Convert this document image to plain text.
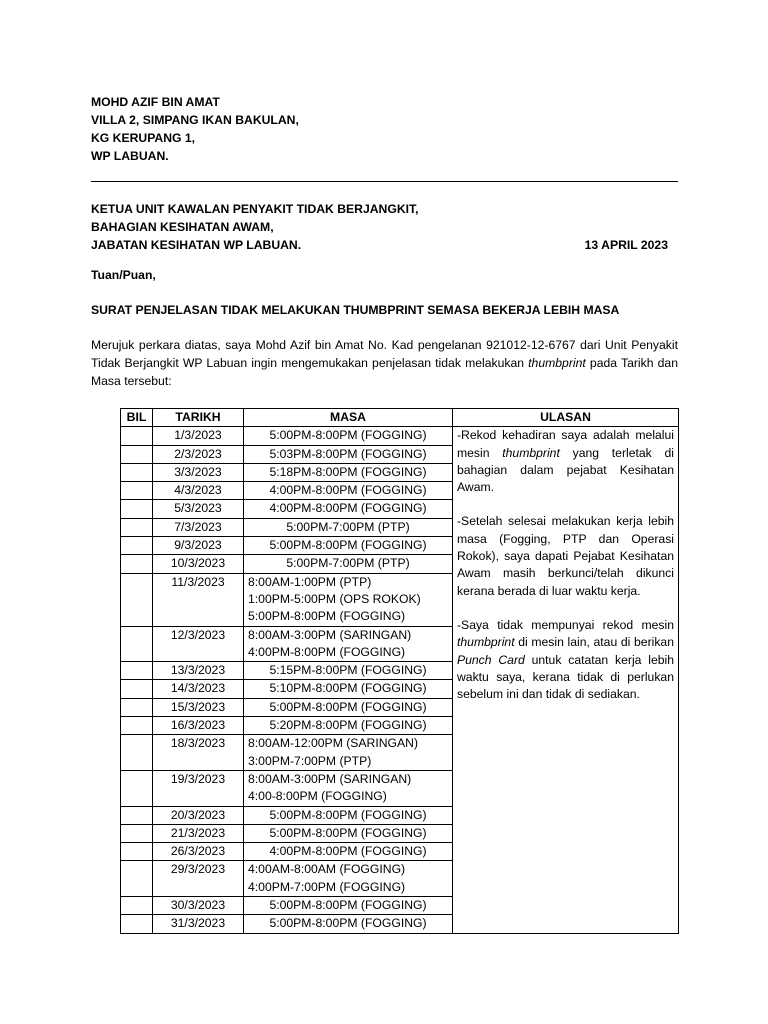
MOHD AZIF BIN AMAT
VILLA 2, SIMPANG IKAN BAKULAN,
KG KERUPANG 1,
WP LABUAN.
KETUA UNIT KAWALAN PENYAKIT TIDAK BERJANGKIT,
BAHAGIAN KESIHATAN AWAM,
JABATAN KESIHATAN WP LABUAN.	13 APRIL 2023
Tuan/Puan,
SURAT PENJELASAN TIDAK MELAKUKAN THUMBPRINT SEMASA BEKERJA LEBIH MASA
Merujuk perkara diatas, saya Mohd Azif bin Amat No. Kad pengelanan 921012-12-6767 dari Unit Penyakit Tidak Berjangkit WP Labuan ingin mengemukakan penjelasan tidak melakukan thumbprint pada Tarikh dan Masa tersebut:
BIL	TARIKH	MASA	ULASAN
	1/3/2023	5:00PM-8:00PM (FOGGING)	-Rekod kehadiran saya adalah melalui mesin thumbprint yang terletak di bahagian dalam pejabat Kesihatan Awam.

-Setelah selesai melakukan kerja lebih masa (Fogging, PTP dan Operasi Rokok), saya dapati Pejabat Kesihatan Awam masih berkunci/telah dikunci kerana berada di luar waktu kerja.

-Saya tidak mempunyai rekod mesin thumbprint di mesin lain, atau di berikan Punch Card untuk catatan kerja lebih waktu saya, kerana tidak di perlukan sebelum ini dan tidak di sediakan.

	2/3/2023	5:03PM-8:00PM (FOGGING)	

	3/3/2023	5:18PM-8:00PM (FOGGING)	

	4/3/2023	4:00PM-8:00PM (FOGGING)	

	5/3/2023	4:00PM-8:00PM (FOGGING)	

	7/3/2023	5:00PM-7:00PM (PTP)	

	9/3/2023	5:00PM-8:00PM (FOGGING)	

	10/3/2023	5:00PM-7:00PM (PTP)	

	11/3/2023	8:00AM-1:00PM (PTP)
1:00PM-5:00PM (OPS ROKOK)
5:00PM-8:00PM (FOGGING)	

	12/3/2023	8:00AM-3:00PM (SARINGAN)
4:00PM-8:00PM (FOGGING)	

	13/3/2023	5:15PM-8:00PM (FOGGING)	

	14/3/2023	5:10PM-8:00PM (FOGGING)	

	15/3/2023	5:00PM-8:00PM (FOGGING)	

	16/3/2023	5:20PM-8:00PM (FOGGING)	

	18/3/2023	8:00AM-12:00PM (SARINGAN)
3:00PM-7:00PM (PTP)	

	19/3/2023	8:00AM-3:00PM (SARINGAN)
4:00-8:00PM (FOGGING)	

	20/3/2023	5:00PM-8:00PM (FOGGING)	

	21/3/2023	5:00PM-8:00PM (FOGGING)	

	26/3/2023	4:00PM-8:00PM (FOGGING)	

	29/3/2023	4:00AM-8:00AM (FOGGING)
4:00PM-7:00PM (FOGGING)	

	30/3/2023	5:00PM-8:00PM (FOGGING)	

	31/3/2023	5:00PM-8:00PM (FOGGING)	
